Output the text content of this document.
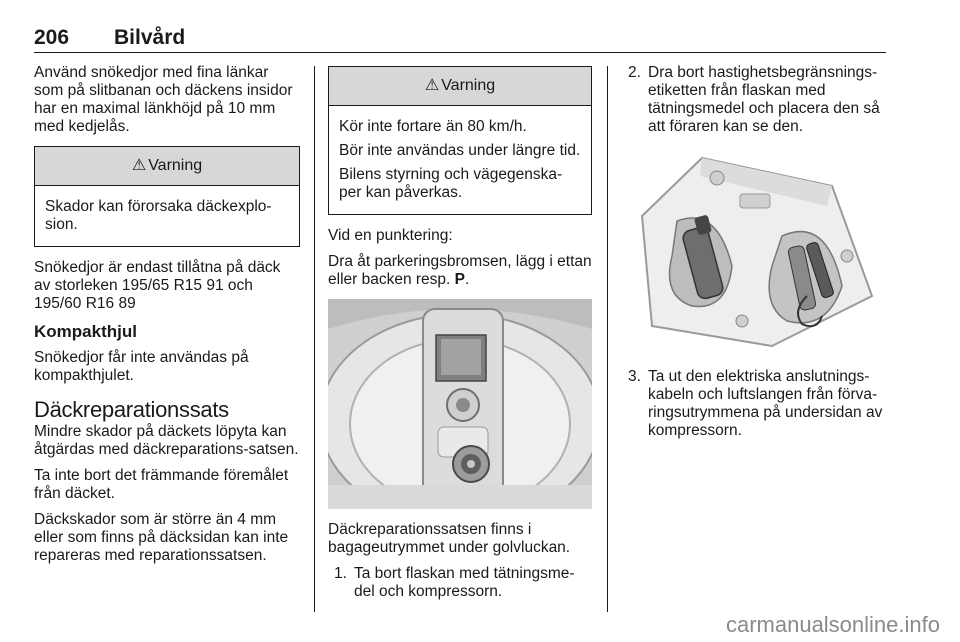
206 Bilvård

Använd snökedjor med fina länkar som på slitbanan och däckens insidor har en maximal länkhöjd på 10 mm med kedjelås.

⚠ Varning

Skador kan förorsaka däckexplo-sion.

Snökedjor är endast tillåtna på däck av storleken 195/65 R15 91 och 195/60 R16 89

Kompakthjul

Snökedjor får inte användas på kompakthjulet.

Däckreparationssats

Mindre skador på däckets löpyta kan åtgärdas med däckreparations-satsen.

Ta inte bort det främmande föremålet från däcket.

Däckskador som är större än 4 mm eller som finns på däcksidan kan inte repareras med reparationssatsen.

⚠ Varning

Kör inte fortare än 80 km/h.

Bör inte användas under längre tid.

Bilens styrning och vägegenska-per kan påverkas.

Vid en punktering:

Dra åt parkeringsbromsen, lägg i ettan eller backen resp. P.

Däckreparationssatsen finns i bagageutrymmet under golvluckan.

1. Ta bort flaskan med tätningsme-del och kompressorn.
2. Dra bort hastighetsbegränsnings-etiketten från flaskan med tätningsmedel och placera den så att föraren kan se den.
3. Ta ut den elektriska anslutnings-kabeln och luftslangen från förva-ringsutrymmena på undersidan av kompressorn.
carmanualsonline.info
